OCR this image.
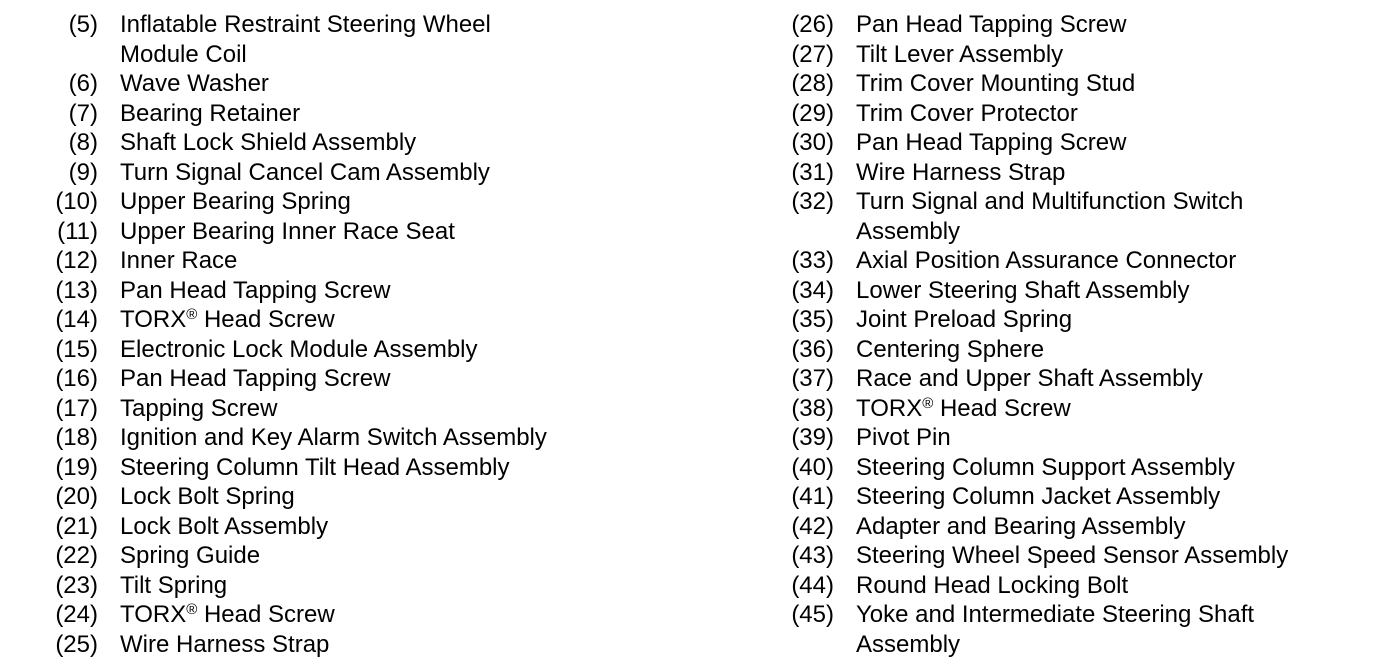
(5) Inflatable Restraint Steering Wheel
Module Coil
(6) Wave Washer
(7) Bearing Retainer
(8) Shaft Lock Shield Assembly
(9) Turn Signal Cancel Cam Assembly
(10) Upper Bearing Spring
(11) Upper Bearing Inner Race Seat
(12) Inner Race
(13) Pan Head Tapping Screw
(14) TORX® Head Screw
(15) Electronic Lock Module Assembly
(16) Pan Head Tapping Screw
(17) Tapping Screw
(18) Ignition and Key Alarm Switch Assembly
(19) Steering Column Tilt Head Assembly
(20) Lock Bolt Spring
(21) Lock Bolt Assembly
(22) Spring Guide
(23) Tilt Spring
(24) TORX® Head Screw
(25) Wire Harness Strap
(26) Pan Head Tapping Screw
(27) Tilt Lever Assembly
(28) Trim Cover Mounting Stud
(29) Trim Cover Protector
(30) Pan Head Tapping Screw
(31) Wire Harness Strap
(32) Turn Signal and Multifunction Switch
Assembly
(33) Axial Position Assurance Connector
(34) Lower Steering Shaft Assembly
(35) Joint Preload Spring
(36) Centering Sphere
(37) Race and Upper Shaft Assembly
(38) TORX® Head Screw
(39) Pivot Pin
(40) Steering Column Support Assembly
(41) Steering Column Jacket Assembly
(42) Adapter and Bearing Assembly
(43) Steering Wheel Speed Sensor Assembly
(44) Round Head Locking Bolt
(45) Yoke and Intermediate Steering Shaft
Assembly
